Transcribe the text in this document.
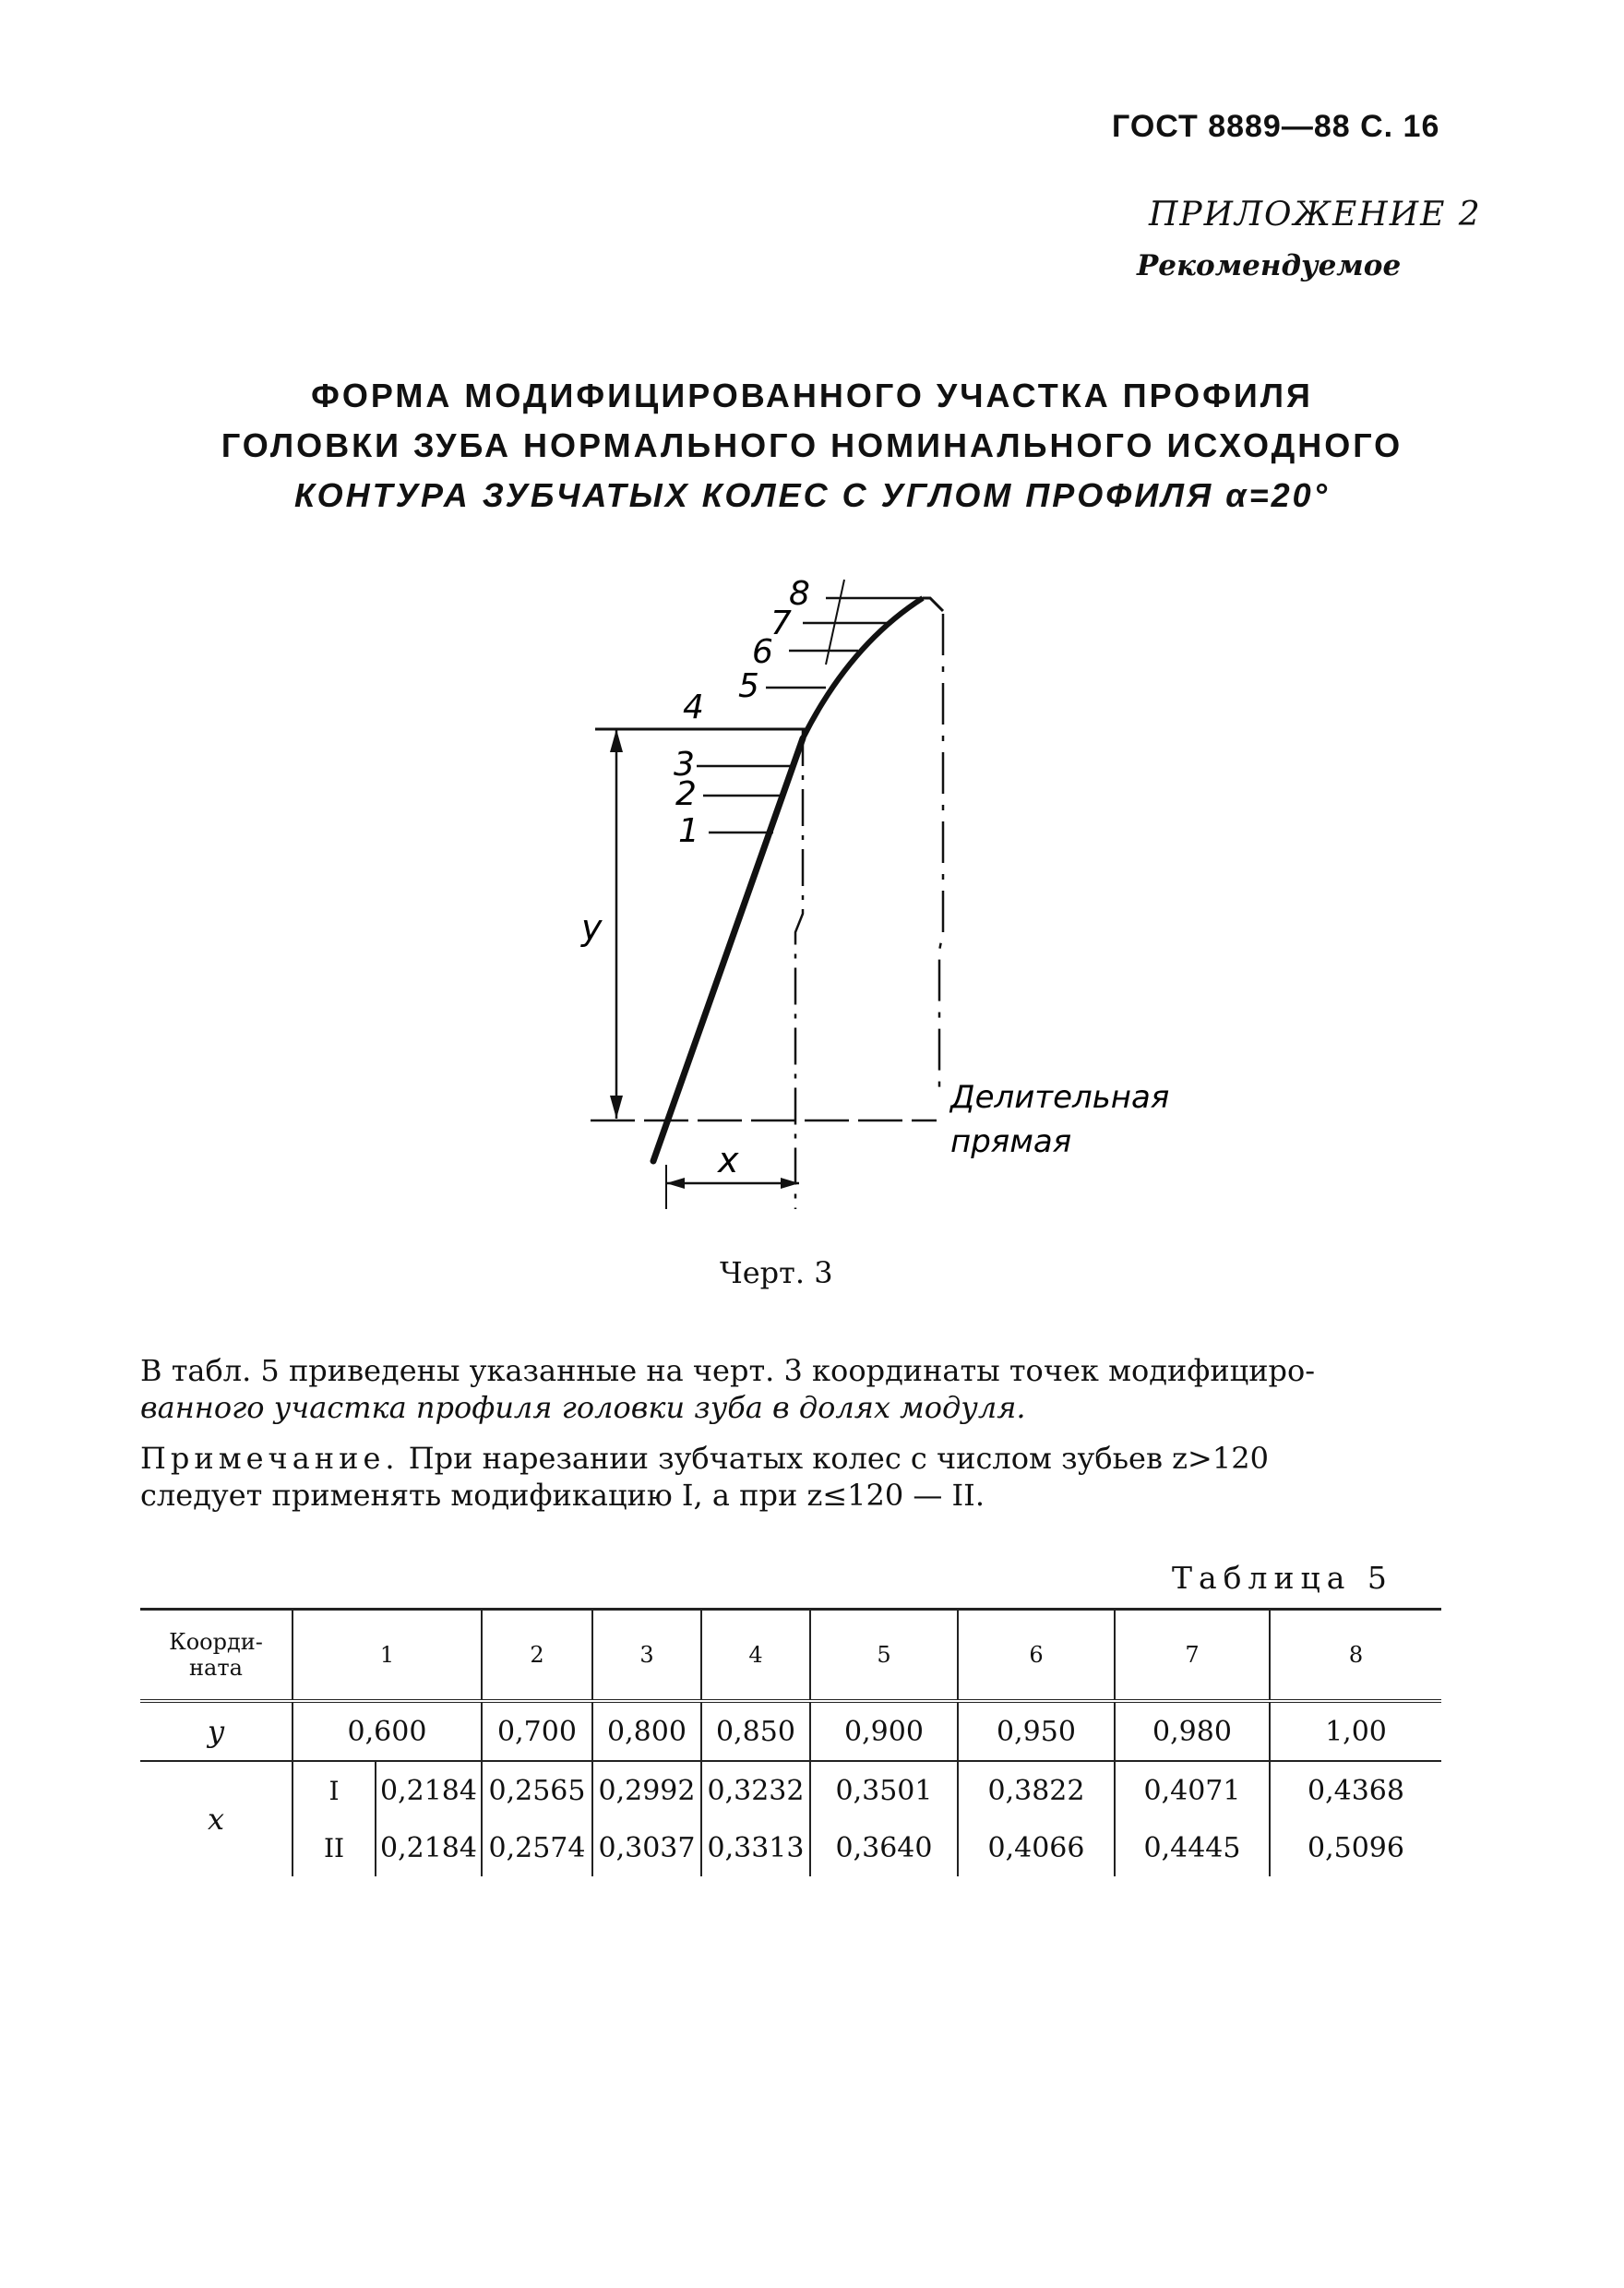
ГОСТ 8889—88 С. 16
ПРИЛОЖЕНИЕ 2
Рекомендуемое
ФОРМА МОДИФИЦИРОВАННОГО УЧАСТКА ПРОФИЛЯ
ГОЛОВКИ ЗУБА НОРМАЛЬНОГО НОМИНАЛЬНОГО ИСХОДНОГО
КОНТУРА ЗУБЧАТЫХ КОЛЕС С УГЛОМ ПРОФИЛЯ α=20°
1
2
3
4
5
6
7
8
y
x
Делительная
прямая
Черт. 3
В табл. 5 приведены указанные на черт. 3 координаты точек модифициро-
ванного участка профиля головки зуба в долях модуля.
Примечание. При нарезании зубчатых колес с числом зубьев z>120
следует применять модификацию I, а при z≤120 — II.
Таблица 5
Коорди-
ната	1		2	3	4	5	6	7	8
y	0,600		0,700	0,800	0,850	0,900	0,950	0,980	1,00
x	I	0,2184	0,2565	0,2992	0,3232	0,3501	0,3822	0,4071	0,4368
	II	0,2184	0,2574	0,3037	0,3313	0,3640	0,4066	0,4445	0,5096
